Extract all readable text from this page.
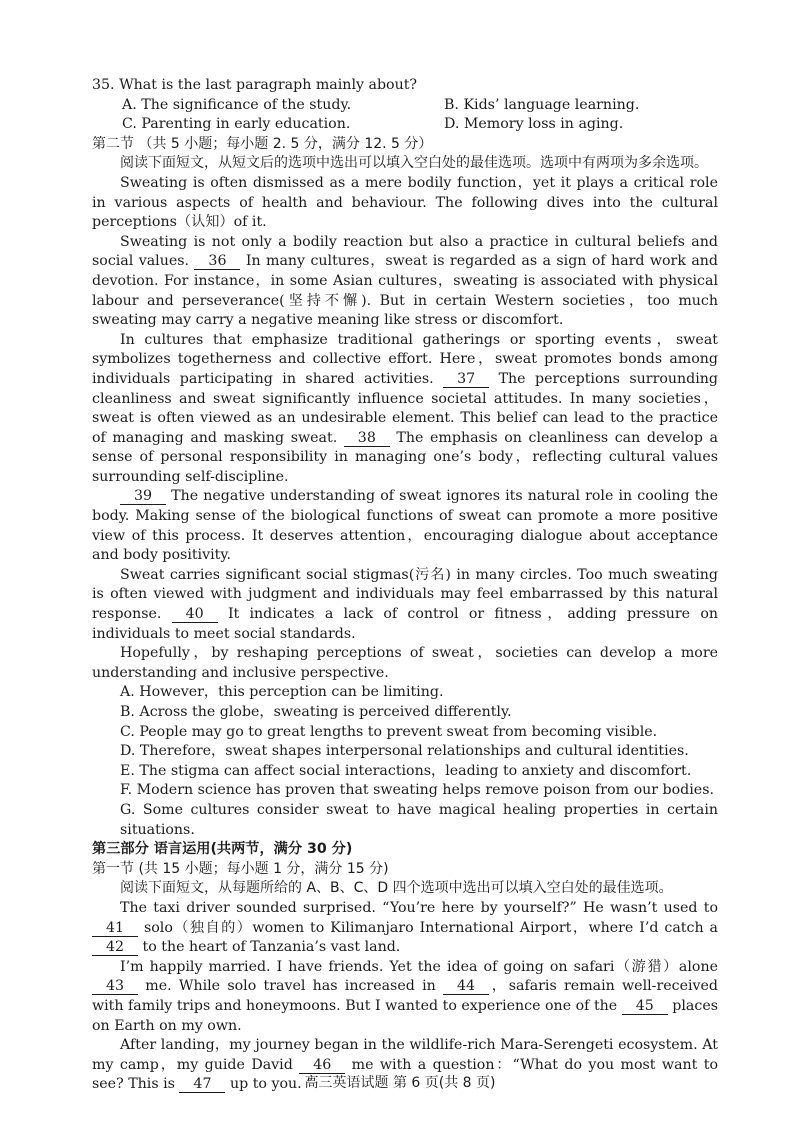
35. What is the last paragraph mainly about?

A. The significance of the study.	B. Kids’ language learning.
C. Parenting in early education.	D. Memory loss in aging.

第二节 （共 5 小题；每小题 2. 5 分，满分 12. 5 分）

阅读下面短文，从短文后的选项中选出可以填入空白处的最佳选项。选项中有两项为多余选项。

Sweating is often dismissed as a mere bodily function，yet it plays a critical role in various aspects of health and behaviour. The following dives into the cultural perceptions（认知）of it.

Sweating is not only a bodily reaction but also a practice in cultural beliefs and social values. 36 In many cultures，sweat is regarded as a sign of hard work and devotion. For instance，in some Asian cultures，sweating is associated with physical labour and perseverance(坚持不懈). But in certain Western societies，too much sweating may carry a negative meaning like stress or discomfort.

In cultures that emphasize traditional gatherings or sporting events，sweat symbolizes togetherness and collective effort. Here，sweat promotes bonds among individuals participating in shared activities. 37 The perceptions surrounding cleanliness and sweat significantly influence societal attitudes. In many societies，sweat is often viewed as an undesirable element. This belief can lead to the practice of managing and masking sweat. 38 The emphasis on cleanliness can develop a sense of personal responsibility in managing one’s body，reflecting cultural values surrounding self-discipline.

39 The negative understanding of sweat ignores its natural role in cooling the body. Making sense of the biological functions of sweat can promote a more positive view of this process. It deserves attention，encouraging dialogue about acceptance and body positivity.

Sweat carries significant social stigmas(污名) in many circles. Too much sweating is often viewed with judgment and individuals may feel embarrassed by this natural response. 40 It indicates a lack of control or fitness，adding pressure on individuals to meet social standards.

Hopefully，by reshaping perceptions of sweat，societies can develop a more understanding and inclusive perspective.

A. However，this perception can be limiting.

B. Across the globe，sweating is perceived differently.

C. People may go to great lengths to prevent sweat from becoming visible.

D. Therefore，sweat shapes interpersonal relationships and cultural identities.

E. The stigma can affect social interactions，leading to anxiety and discomfort.

F. Modern science has proven that sweating helps remove poison from our bodies.

G. Some cultures consider sweat to have magical healing properties in certain situations.

第三部分 语言运用(共两节，满分 30 分)

第一节 (共 15 小题；每小题 1 分，满分 15 分)

阅读下面短文，从每题所给的 A、B、C、D 四个选项中选出可以填入空白处的最佳选项。

The taxi driver sounded surprised. “You’re here by yourself?” He wasn’t used to 41 solo（独自的）women to Kilimanjaro International Airport，where I’d catch a 42 to the heart of Tanzania’s vast land.

I’m happily married. I have friends. Yet the idea of going on safari（游猎）alone 43 me. While solo travel has increased in 44 ，safaris remain well-received with family trips and honeymoons. But I wanted to experience one of the 45 places on Earth on my own.

After landing，my journey began in the wildlife-rich Mara-Serengeti ecosystem. At my camp，my guide David 46 me with a question：“What do you most want to see? This is 47 up to you. ”

高三英语试题 第 6 页(共 8 页)
